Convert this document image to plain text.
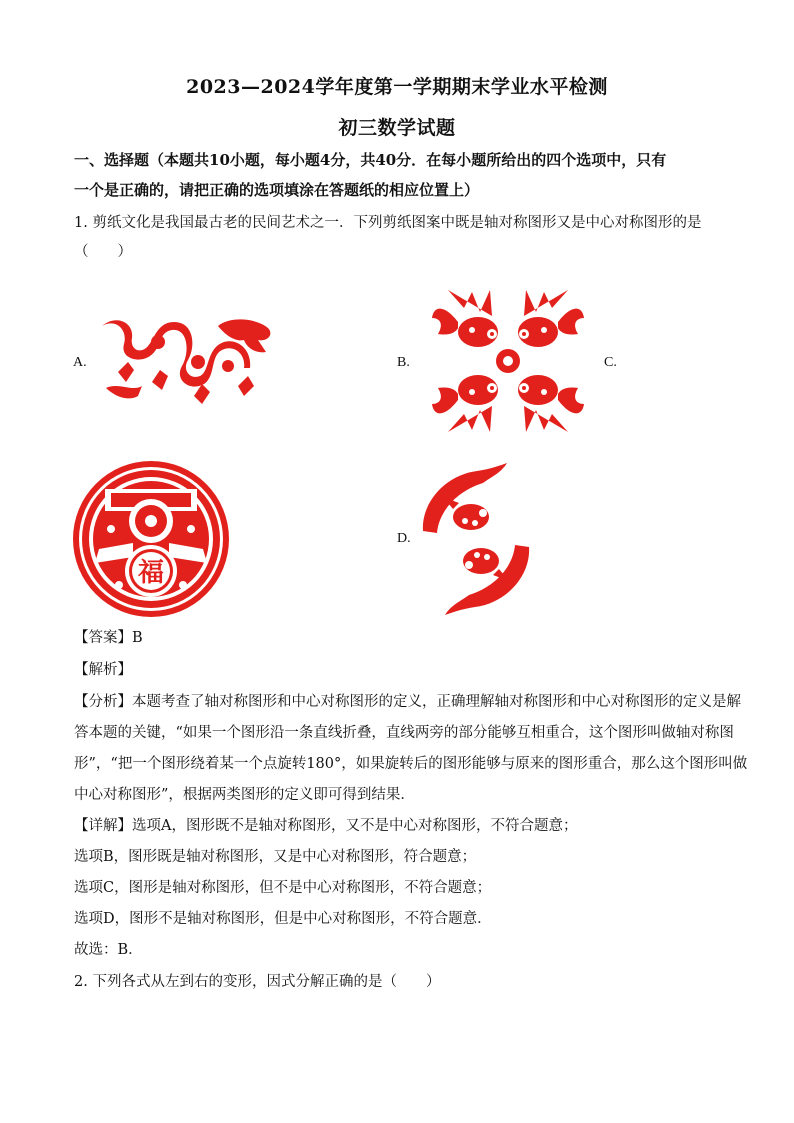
2023—2024学年度第一学期期末学业水平检测
初三数学试题
一、选择题（本题共10小题，每小题4分，共40分．在每小题所给出的四个选项中，只有
一个是正确的，请把正确的选项填涂在答题纸的相应位置上）
1. 剪纸文化是我国最古老的民间艺术之一．下列剪纸图案中既是轴对称图形又是中心对称图形的是
（　　）
A.	B.	C.
福
D.
【答案】B
【解析】
【分析】本题考查了轴对称图形和中心对称图形的定义，正确理解轴对称图形和中心对称图形的定义是解
答本题的关键，“如果一个图形沿一条直线折叠，直线两旁的部分能够互相重合，这个图形叫做轴对称图
形”，“把一个图形绕着某一个点旋转180°，如果旋转后的图形能够与原来的图形重合，那么这个图形叫做
中心对称图形”，根据两类图形的定义即可得到结果．
【详解】选项A，图形既不是轴对称图形，又不是中心对称图形，不符合题意；
选项B，图形既是轴对称图形，又是中心对称图形，符合题意；
选项C，图形是轴对称图形，但不是中心对称图形，不符合题意；
选项D，图形不是轴对称图形，但是中心对称图形，不符合题意．
故选：B．
2. 下列各式从左到右的变形，因式分解正确的是（　　）
